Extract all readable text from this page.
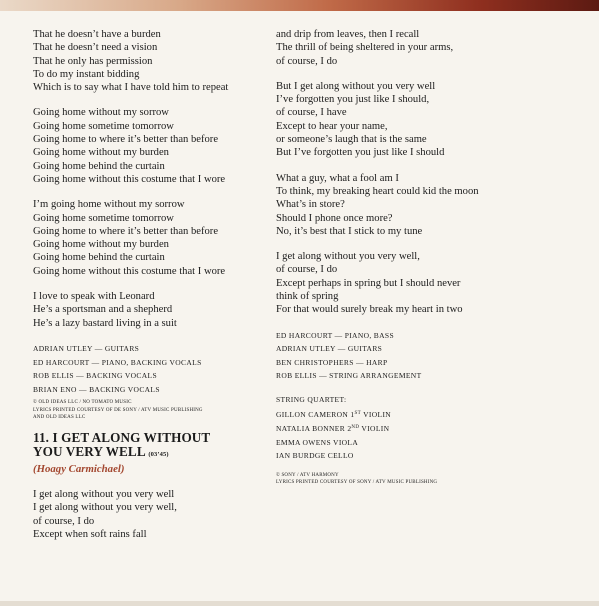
That he doesn’t have a burden
That he doesn’t need a vision
That he only has permission
To do my instant bidding
Which is to say what I have told him to repeat
Going home without my sorrow
Going home sometime tomorrow
Going home to where it’s better than before
Going home without my burden
Going home behind the curtain
Going home without this costume that I wore
I’m going home without my sorrow
Going home sometime tomorrow
Going home to where it’s better than before
Going home without my burden
Going home behind the curtain
Going home without this costume that I wore
I love to speak with Leonard
He’s a sportsman and a shepherd
He’s a lazy bastard living in a suit
ADRIAN UTLEY — GUITARS
ED HARCOURT — PIANO, BACKING VOCALS
ROB ELLIS — BACKING VOCALS
BRIAN ENO — BACKING VOCALS
© OLD IDEAS LLC / NO TOMATO MUSIC
LYRICS PRINTED COURTESY OF DE SONY / ATV MUSIC PUBLISHING
AND OLD IDEAS LLC
11. I GET ALONG WITHOUT
YOU VERY WELL (03’45)
(Hoagy Carmichael)
I get along without you very well
I get along without you very well,
of course, I do
Except when soft rains fall
and drip from leaves, then I recall
The thrill of being sheltered in your arms,
of course, I do
But I get along without you very well
I’ve forgotten you just like I should,
of course, I have
Except to hear your name,
or someone’s laugh that is the same
But I’ve forgotten you just like I should
What a guy, what a fool am I
To think, my breaking heart could kid the moon
What’s in store?
Should I phone once more?
No, it’s best that I stick to my tune
I get along without you very well,
of course, I do
Except perhaps in spring but I should never
think of spring
For that would surely break my heart in two
ED HARCOURT — PIANO, BASS
ADRIAN UTLEY — GUITARS
BEN CHRISTOPHERS — HARP
ROB ELLIS — STRING ARRANGEMENT
STRING QUARTET:
GILLON CAMERON 1ST VIOLIN
NATALIA BONNER 2ND VIOLIN
EMMA OWENS VIOLA
IAN BURDGE CELLO
© SONY / ATV HARMONY
LYRICS PRINTED COURTESY OF SONY / ATV MUSIC PUBLISHING
